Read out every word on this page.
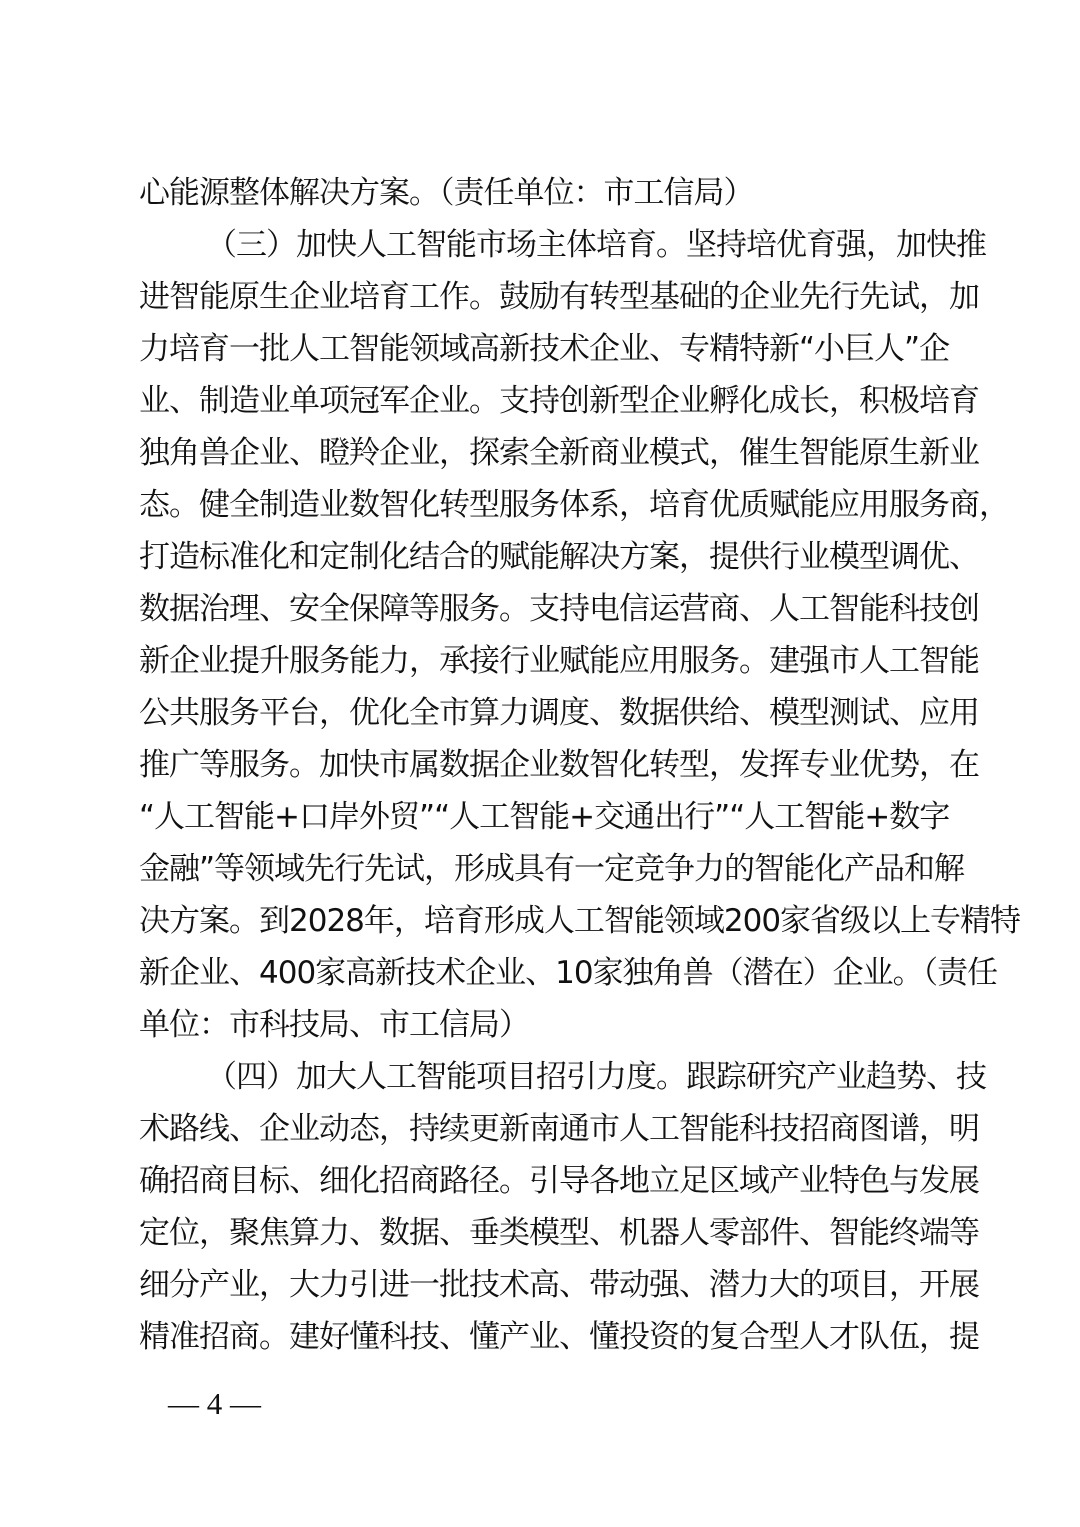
心能源整体解决方案。（责任单位：市工信局）
（三）加快人工智能市场主体培育。坚持培优育强，加快推
进智能原生企业培育工作。鼓励有转型基础的企业先行先试，加
力培育一批人工智能领域高新技术企业、专精特新“小巨人”企
业、制造业单项冠军企业。支持创新型企业孵化成长，积极培育
独角兽企业、瞪羚企业，探索全新商业模式，催生智能原生新业
态。健全制造业数智化转型服务体系，培育优质赋能应用服务商，
打造标准化和定制化结合的赋能解决方案，提供行业模型调优、
数据治理、安全保障等服务。支持电信运营商、人工智能科技创
新企业提升服务能力，承接行业赋能应用服务。建强市人工智能
公共服务平台，优化全市算力调度、数据供给、模型测试、应用
推广等服务。加快市属数据企业数智化转型，发挥专业优势，在
“人工智能+口岸外贸”“人工智能+交通出行”“人工智能+数字
金融”等领域先行先试，形成具有一定竞争力的智能化产品和解
决方案。到2028年，培育形成人工智能领域200家省级以上专精特
新企业、400家高新技术企业、10家独角兽（潜在）企业。（责任
单位：市科技局、市工信局）
（四）加大人工智能项目招引力度。跟踪研究产业趋势、技
术路线、企业动态，持续更新南通市人工智能科技招商图谱，明
确招商目标、细化招商路径。引导各地立足区域产业特色与发展
定位，聚焦算力、数据、垂类模型、机器人零部件、智能终端等
细分产业，大力引进一批技术高、带动强、潜力大的项目，开展
精准招商。建好懂科技、懂产业、懂投资的复合型人才队伍，提
— 4 —
